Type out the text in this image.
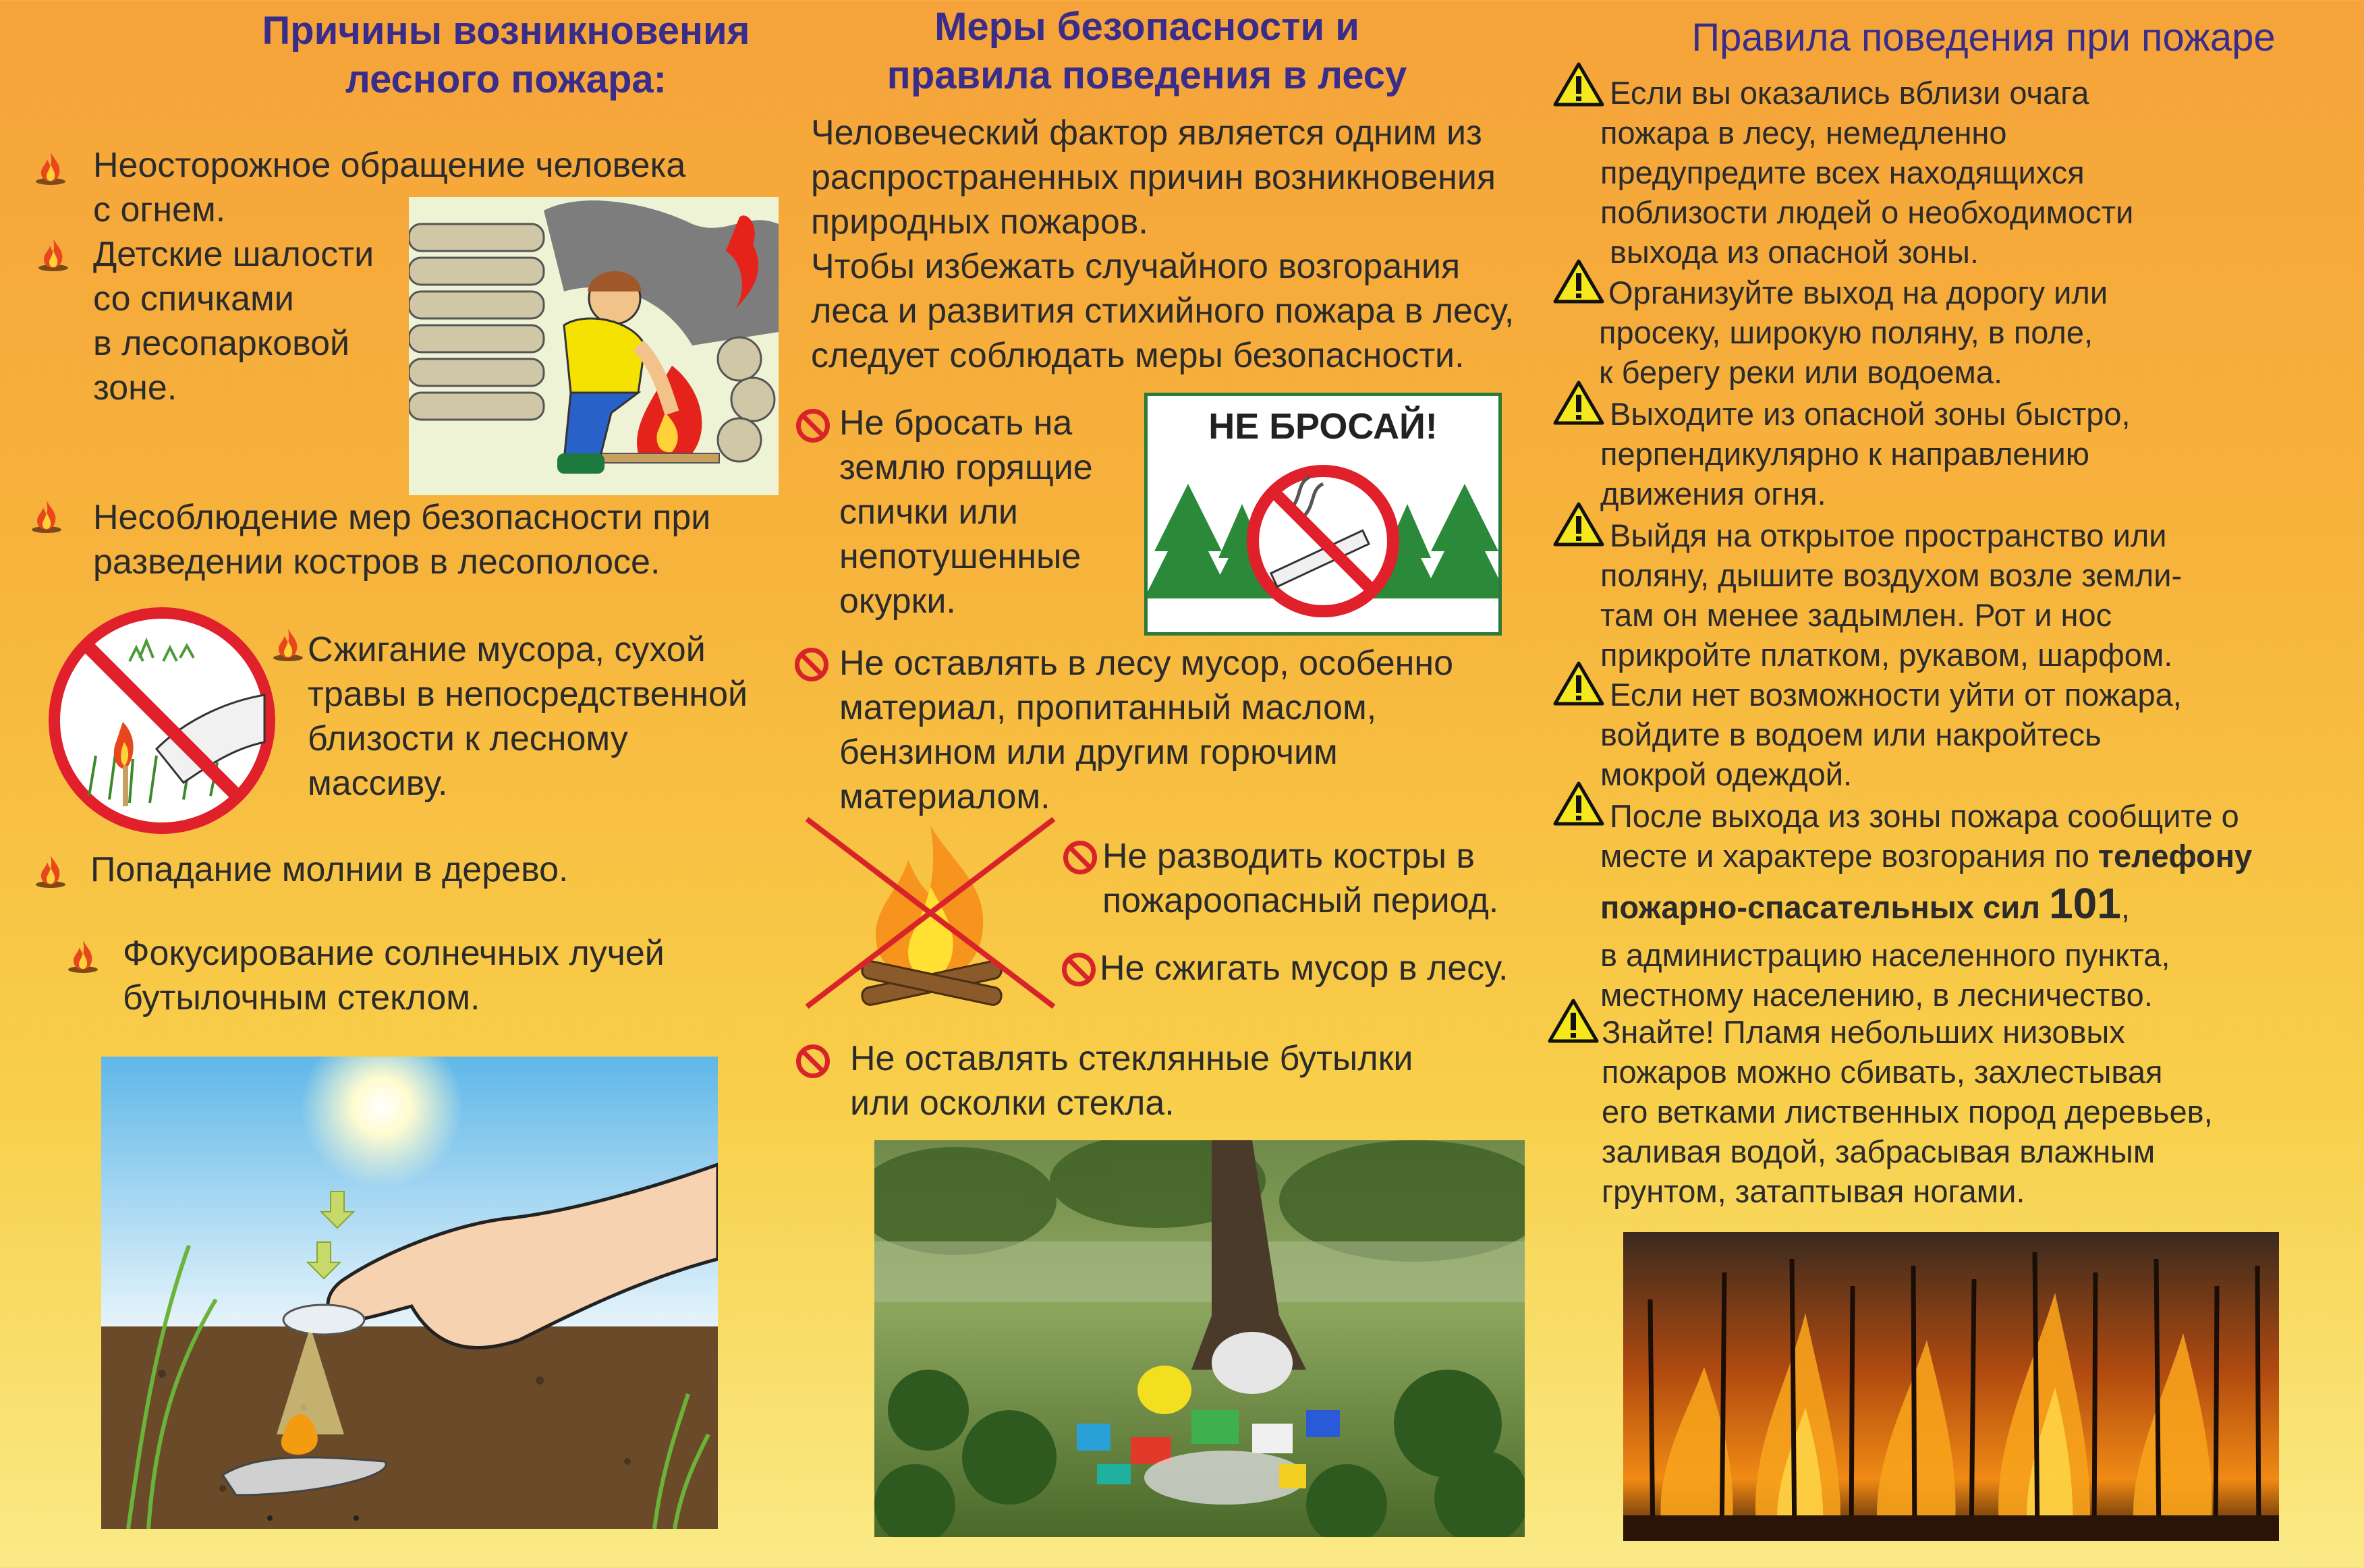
Причины возникновения
лесного пожара:
Неосторожное обращение человека
с огнем.
Детские шалости
со спичками
в лесопарковой
зоне.
Несоблюдение мер безопасности при
разведении костров в лесополосе.
Сжигание мусора, сухой
травы в непосредственной
близости к лесному
массиву.
Попадание молнии в дерево.
Фокусирование солнечных лучей
бутылочным стеклом.
Меры безопасности и
правила поведения в лесу
Человеческий фактор является одним из
распространенных причин возникновения
природных пожаров.
Чтобы избежать случайного возгорания
леса и развития стихийного пожара в лесу,
следует соблюдать меры безопасности.
Не бросать на
землю горящие
спички или
непотушенные
окурки.
НЕ БРОСАЙ!
Не оставлять в лесу мусор, особенно
материал, пропитанный маслом,
бензином или другим горючим
материалом.
Не разводить костры в
пожароопасный период.
Не сжигать мусор в лесу.
Не оставлять стеклянные бутылки
или осколки стекла.
Правила поведения при пожаре
Если вы оказались вблизи очага
пожара в лесу, немедленно
предупредите всех находящихся
поблизости людей о необходимости
выхода из опасной зоны.
Организуйте выход на дорогу или
просеку, широкую поляну, в поле,
к берегу реки или водоема.
Выходите из опасной зоны быстро,
перпендикулярно к направлению
движения огня.
Выйдя на открытое пространство или
поляну, дышите воздухом возле земли-
там он менее задымлен. Рот и нос
прикройте платком, рукавом, шарфом.
Если нет возможности уйти от пожара,
войдите в водоем или накройтесь
мокрой одеждой.
После выхода из зоны пожара сообщите о
месте и характере возгорания по телефону
пожарно-спасательных сил 101,
в администрацию населенного пункта,
местному населению, в лесничество.
Знайте! Пламя небольших низовых
пожаров можно сбивать, захлестывая
его ветками лиственных пород деревьев,
заливая водой, забрасывая влажным
грунтом, затаптывая ногами.
